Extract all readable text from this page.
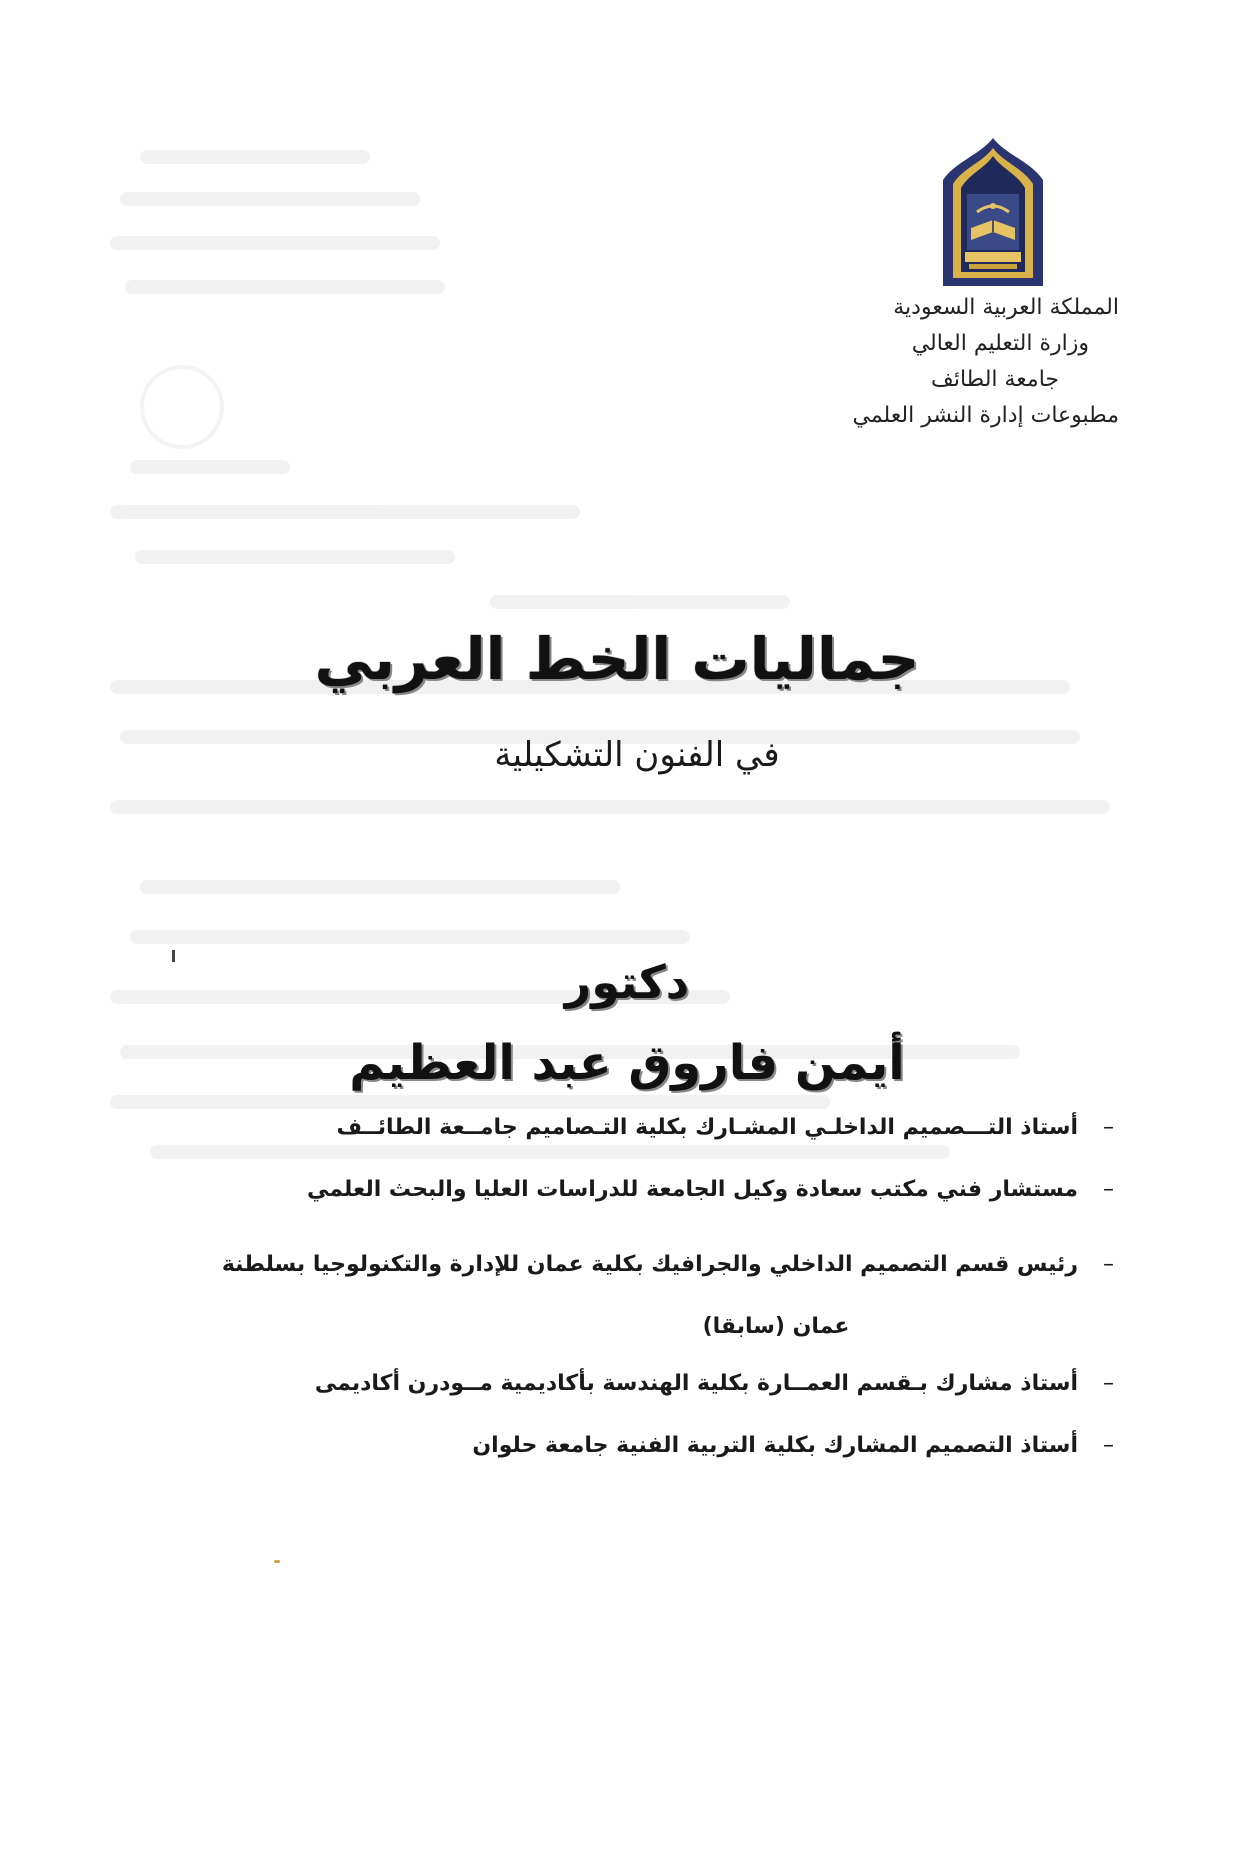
المملكة العربية السعودية
وزارة التعليم العالي
جامعة الطائف
مطبوعات إدارة النشر العلمي
جماليات الخط العربي
في الفنون التشكيلية
دكتور
أيمن فاروق عبد العظيم
–
أستاذ التـــصميم الداخلـي المشـارك بكلية التـصاميم جامــعة الطائــف
–
مستشار فني مكتب سعادة وكيل الجامعة للدراسات العليا والبحث العلمي
–
رئيس قسم التصميم الداخلي والجرافيك بكلية عمان للإدارة والتكنولوجيا بسلطنة
عمان (سابقا)
–
أستاذ مشارك بـقسم العمــارة بكلية الهندسة بأكاديمية مــودرن أكاديمى
–
أستاذ التصميم المشارك بكلية التربية الفنية جامعة حلوان
